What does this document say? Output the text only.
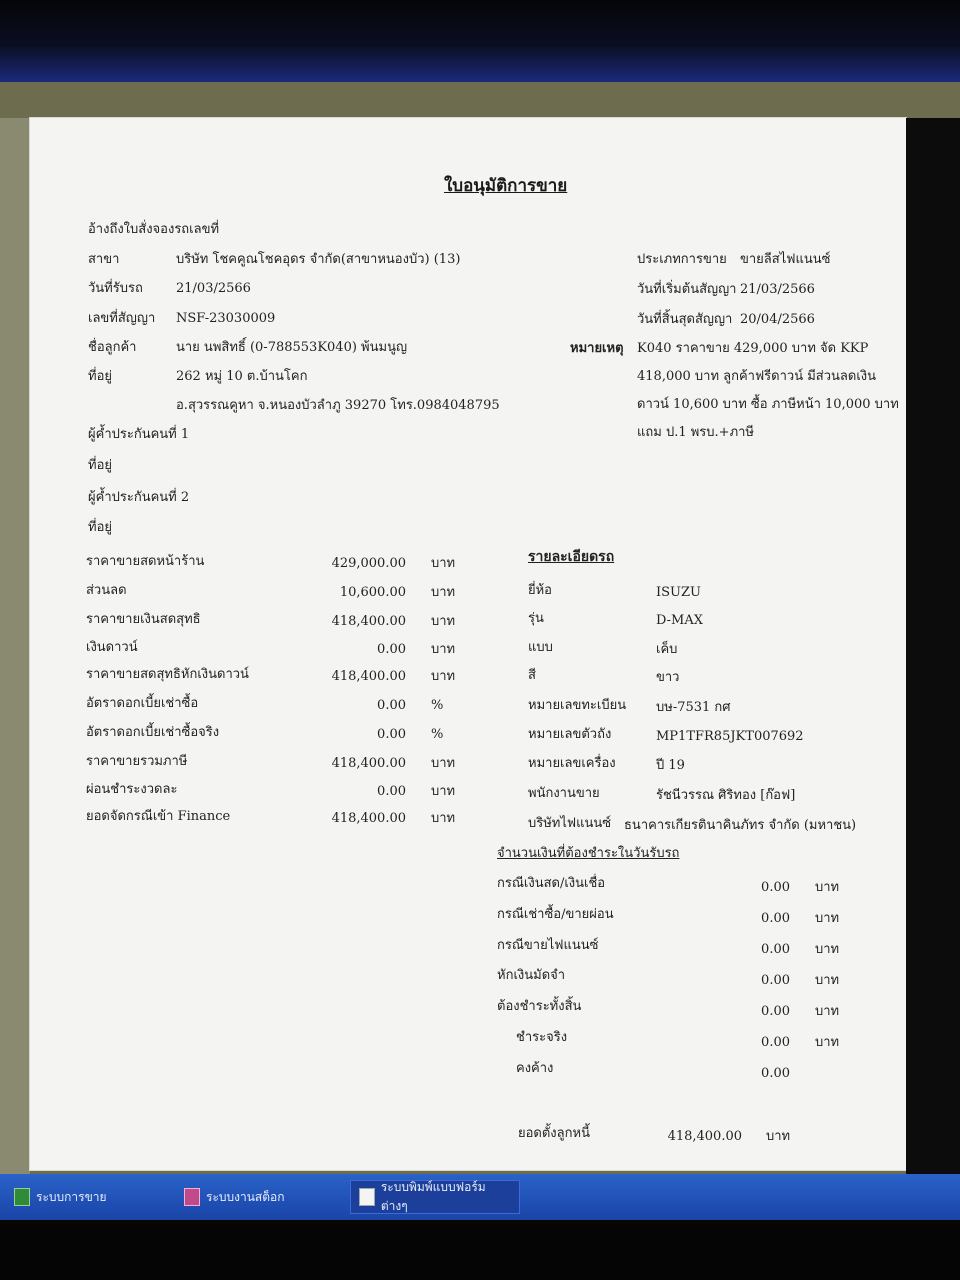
ใบอนุมัติการขาย
อ้างถึงใบสั่งจองรถเลขที่
สาขา	บริษัท โชคคูณโชคอุดร จำกัด(สาขาหนองบัว) (13)
วันที่รับรถ	21/03/2566
เลขที่สัญญา NSF-23030009
ชื่อลูกค้า	นาย นพสิทธิ์ (0-788553K040) พ้นมนูญ
ที่อยู่	262 หมู่ 10 ต.บ้านโคก
อ.สุวรรณคูหา จ.หนองบัวลำภู 39270 โทร.0984048795
ผู้ค้ำประกันคนที่ 1
ที่อยู่
ผู้ค้ำประกันคนที่ 2
ที่อยู่
ประเภทการขาย ขายลีสไฟแนนซ์
วันที่เริ่มต้นสัญญา 21/03/2566
วันที่สิ้นสุดสัญญา 20/04/2566
หมายเหตุ K040 ราคาขาย 429,000 บาท จัด KKP
418,000 บาท ลูกค้าฟรีดาวน์ มีส่วนลดเงิน
ดาวน์ 10,600 บาท ซื้อ ภาษีหน้า 10,000 บาท
แถม ป.1 พรบ.+ภาษี
ราคาขายสดหน้าร้าน	429,000.00 บาท
ส่วนลด	10,600.00 บาท
ราคาขายเงินสดสุทธิ	418,400.00 บาท
เงินดาวน์	0.00 บาท
ราคาขายสดสุทธิหักเงินดาวน์	418,400.00 บาท
อัตราดอกเบี้ยเช่าซื้อ	0.00 %
อัตราดอกเบี้ยเช่าซื้อจริง	0.00 %
ราคาขายรวมภาษี	418,400.00 บาท
ผ่อนชำระงวดละ	0.00 บาท
ยอดจัดกรณีเข้า Finance	418,400.00 บาท
รายละเอียดรถ
ยี่ห้อ	ISUZU
รุ่น	D-MAX
แบบ	เค็บ
สี	ขาว
หมายเลขทะเบียน บษ-7531 กศ
หมายเลขตัวถัง	MP1TFR85JKT007692
หมายเลขเครื่อง	ปี 19
พนักงานขาย	รัชนีวรรณ ศิริทอง [ก๊อฟ]
บริษัทไฟแนนซ์ ธนาคารเกียรตินาคินภัทร จำกัด (มหาชน)
จำนวนเงินที่ต้องชำระในวันรับรถ
กรณีเงินสด/เงินเชื่อ	0.00 บาท
กรณีเช่าซื้อ/ขายผ่อน	0.00 บาท
กรณีขายไฟแนนซ์	0.00 บาท
หักเงินมัดจำ	0.00 บาท
ต้องชำระทั้งสิ้น	0.00 บาท
ชำระจริง	0.00 บาท
คงค้าง	0.00
ยอดตั้งลูกหนี้	418,400.00 บาท
ระบบการขาย	ระบบงานสต็อก
ระบบพิมพ์แบบฟอร์มต่างๆ
